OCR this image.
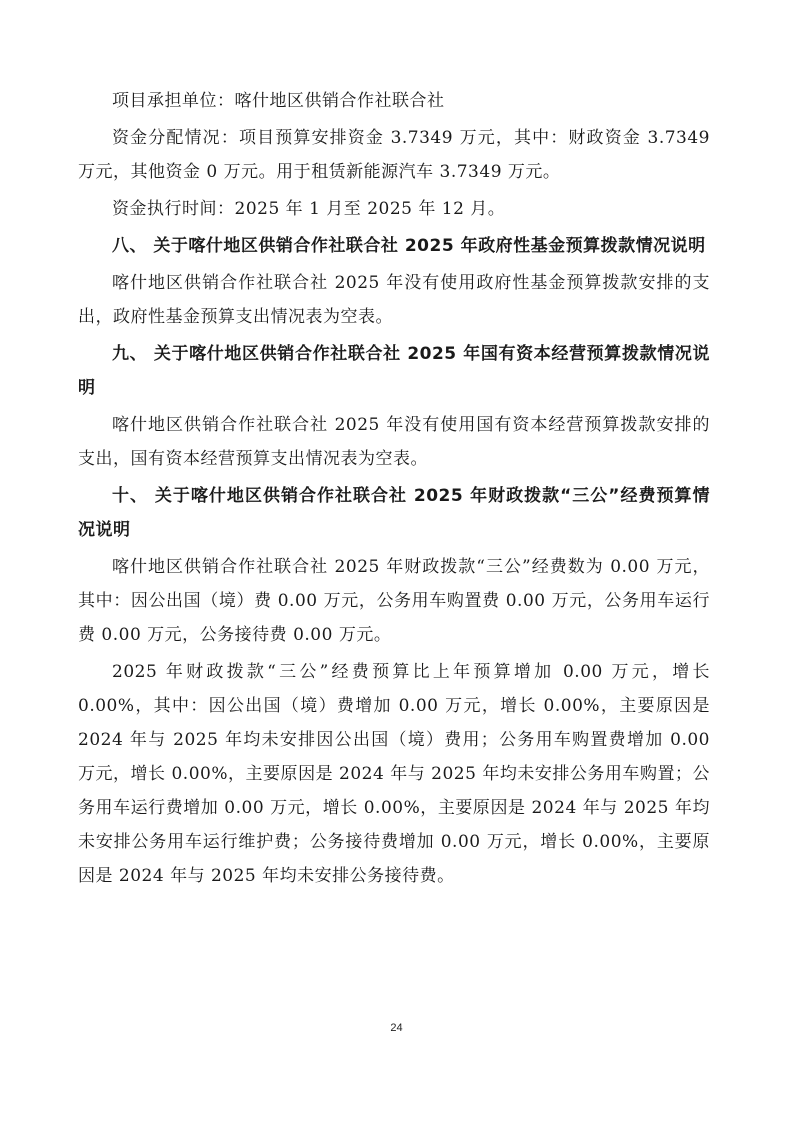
项目承担单位：喀什地区供销合作社联合社

资金分配情况：项目预算安排资金 3.7349 万元，其中：财政资金 3.7349 万元，其他资金 0 万元。用于租赁新能源汽车 3.7349 万元。

资金执行时间：2025 年 1 月至 2025 年 12 月。

八、 关于喀什地区供销合作社联合社 2025 年政府性基金预算拨款情况说明

喀什地区供销合作社联合社 2025 年没有使用政府性基金预算拨款安排的支出，政府性基金预算支出情况表为空表。

九、 关于喀什地区供销合作社联合社 2025 年国有资本经营预算拨款情况说明

喀什地区供销合作社联合社 2025 年没有使用国有资本经营预算拨款安排的支出，国有资本经营预算支出情况表为空表。

十、 关于喀什地区供销合作社联合社 2025 年财政拨款“三公”经费预算情况说明

喀什地区供销合作社联合社 2025 年财政拨款“三公”经费数为 0.00 万元，其中：因公出国（境）费 0.00 万元，公务用车购置费 0.00 万元，公务用车运行费 0.00 万元，公务接待费 0.00 万元。

2025 年财政拨款“三公”经费预算比上年预算增加 0.00 万元，增长 0.00%，其中：因公出国（境）费增加 0.00 万元，增长 0.00%，主要原因是 2024 年与 2025 年均未安排因公出国（境）费用；公务用车购置费增加 0.00 万元，增长 0.00%，主要原因是 2024 年与 2025 年均未安排公务用车购置；公务用车运行费增加 0.00 万元，增长 0.00%，主要原因是 2024 年与 2025 年均未安排公务用车运行维护费；公务接待费增加 0.00 万元，增长 0.00%，主要原因是 2024 年与 2025 年均未安排公务接待费。

24
